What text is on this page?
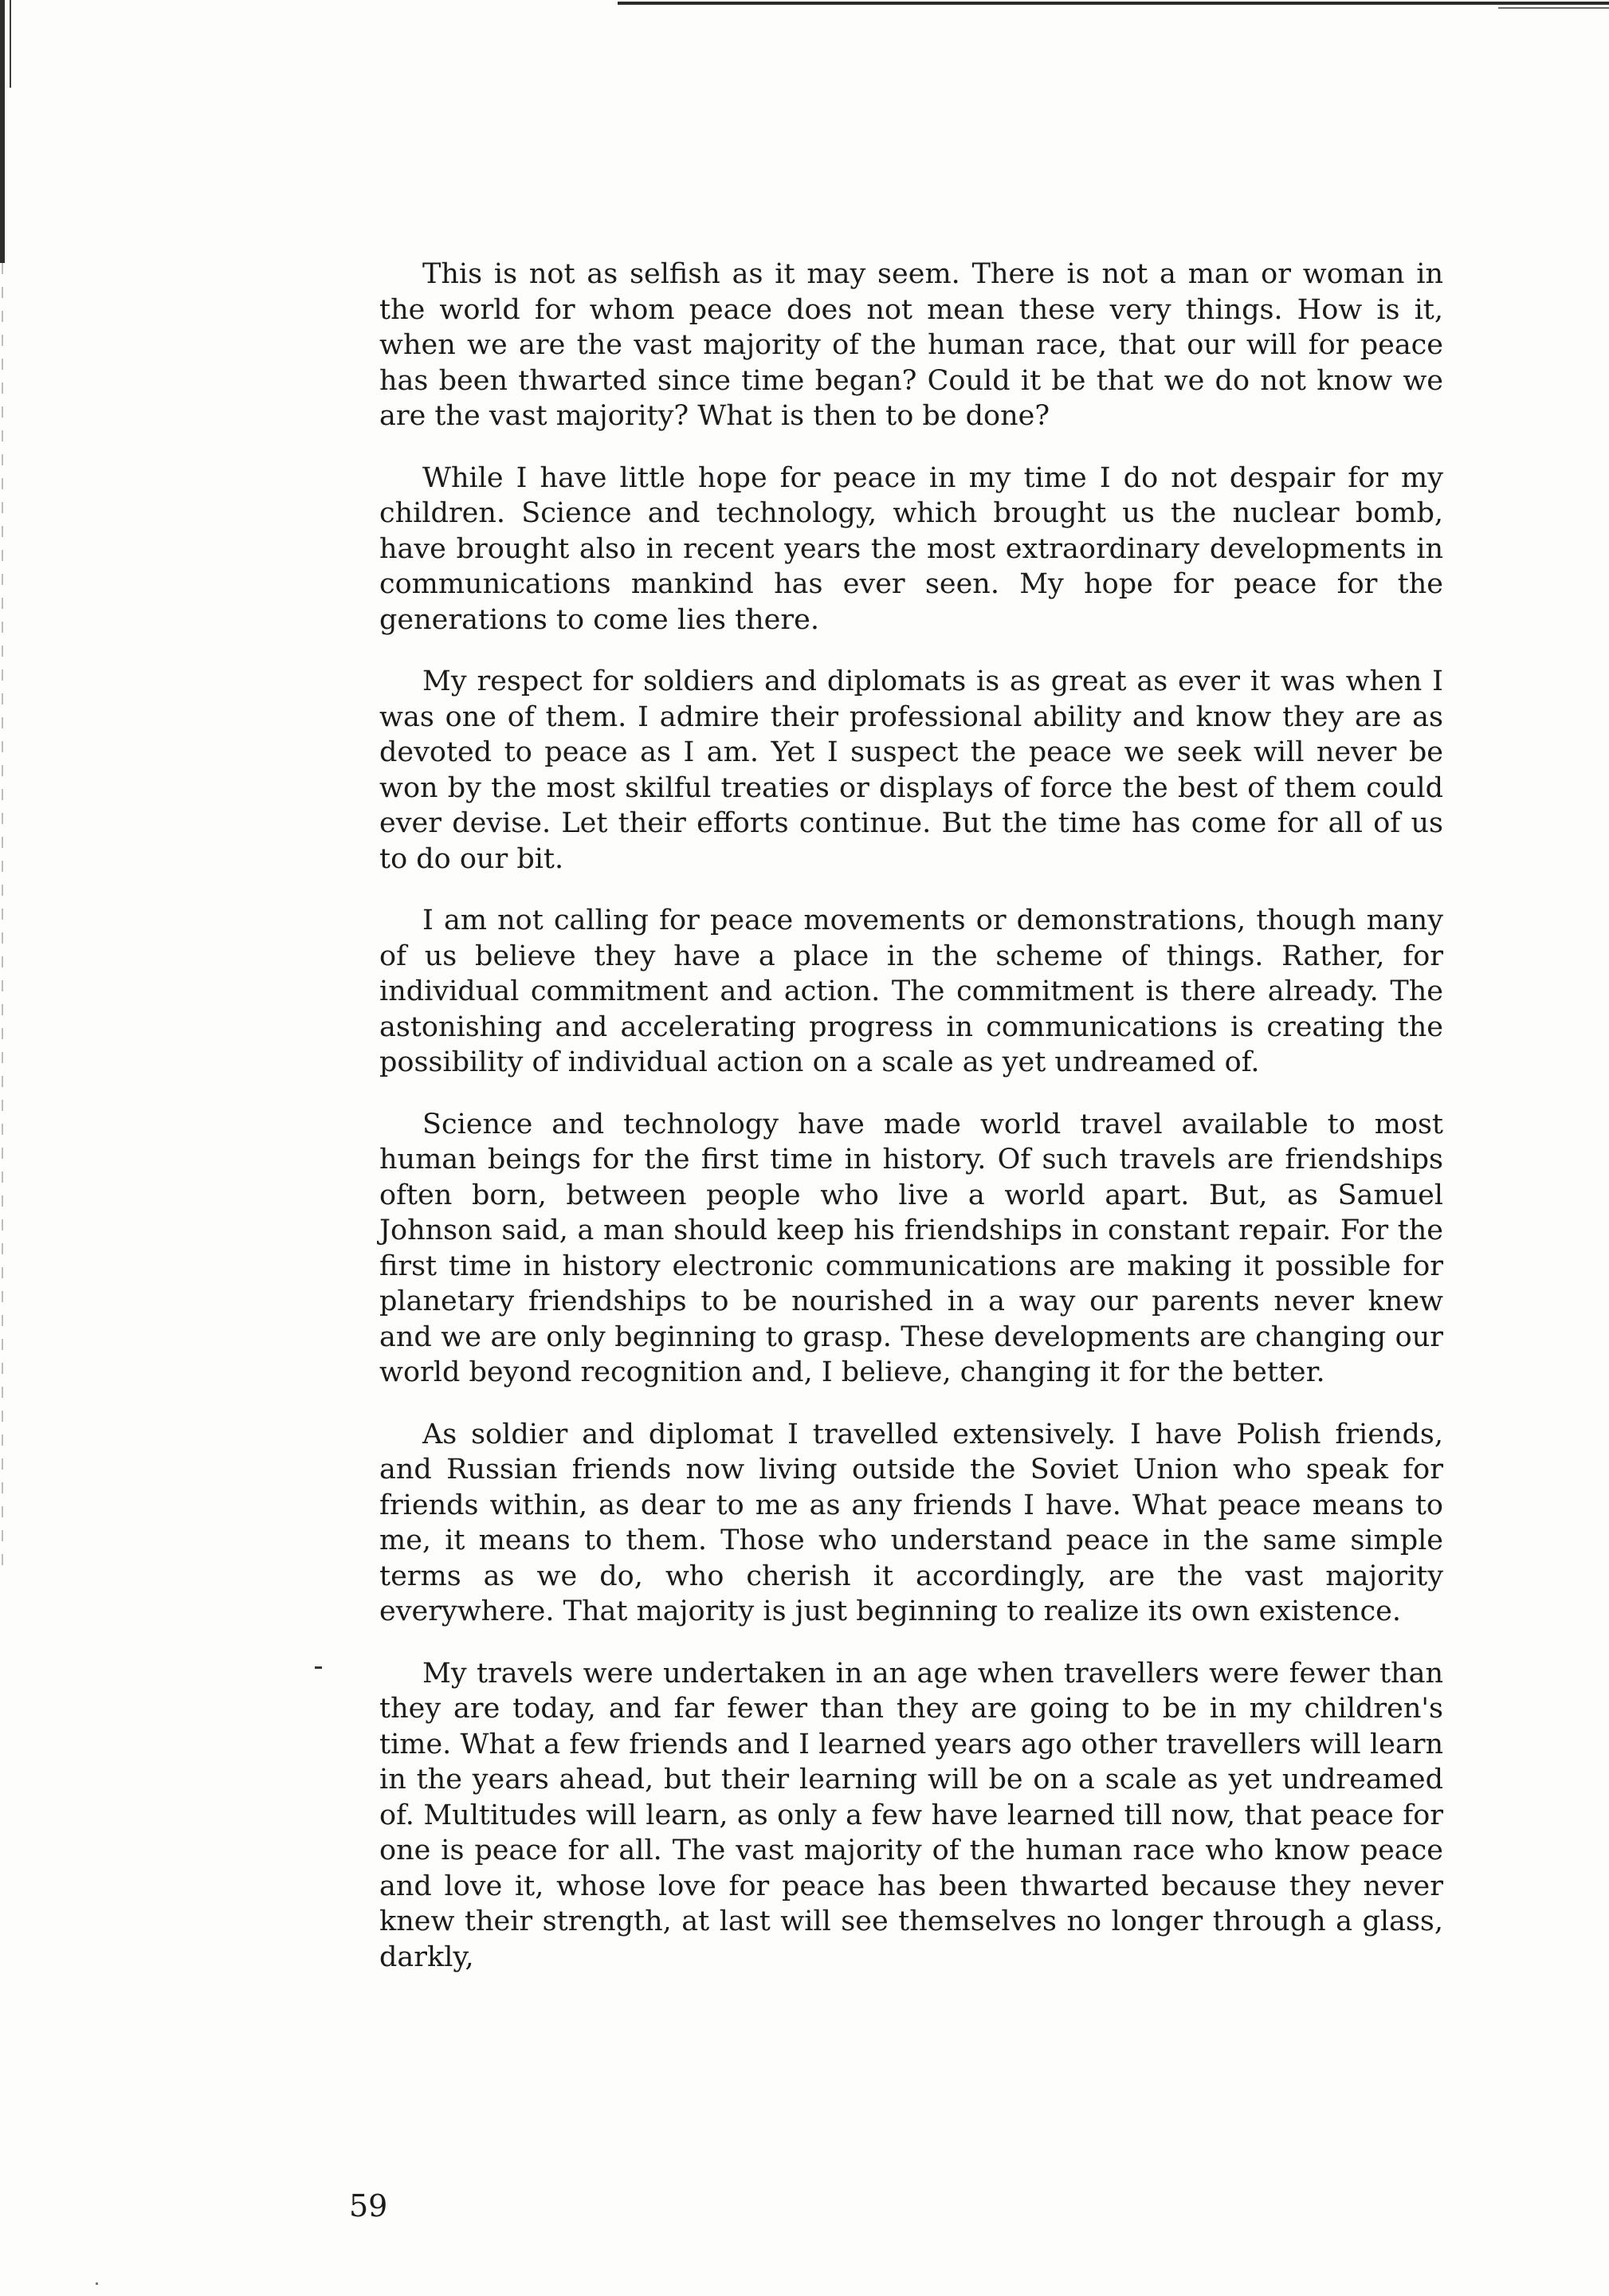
This is not as selfish as it may seem. There is not a man or woman in the world for whom peace does not mean these very things. How is it, when we are the vast majority of the human race, that our will for peace has been thwarted since time began? Could it be that we do not know we are the vast majority? What is then to be done?

While I have little hope for peace in my time I do not despair for my children. Science and technology, which brought us the nuclear bomb, have brought also in recent years the most extraordinary developments in communications mankind has ever seen. My hope for peace for the generations to come lies there.

My respect for soldiers and diplomats is as great as ever it was when I was one of them. I admire their professional ability and know they are as devoted to peace as I am. Yet I suspect the peace we seek will never be won by the most skilful treaties or displays of force the best of them could ever devise. Let their efforts continue. But the time has come for all of us to do our bit.

I am not calling for peace movements or demonstrations, though many of us believe they have a place in the scheme of things. Rather, for individual commitment and action. The commitment is there already. The astonishing and accelerating progress in communications is creating the possibility of individual action on a scale as yet undreamed of.

Science and technology have made world travel available to most human beings for the first time in history. Of such travels are friendships often born, between people who live a world apart. But, as Samuel Johnson said, a man should keep his friendships in constant repair. For the first time in history electronic communications are making it possible for planetary friendships to be nourished in a way our parents never knew and we are only beginning to grasp. These developments are changing our world beyond recognition and, I believe, changing it for the better.

As soldier and diplomat I travelled extensively. I have Polish friends, and Russian friends now living outside the Soviet Union who speak for friends within, as dear to me as any friends I have. What peace means to me, it means to them. Those who understand peace in the same simple terms as we do, who cherish it accordingly, are the vast majority everywhere. That majority is just beginning to realize its own existence.

My travels were undertaken in an age when travellers were fewer than they are today, and far fewer than they are going to be in my children's time. What a few friends and I learned years ago other travellers will learn in the years ahead, but their learning will be on a scale as yet undreamed of. Multitudes will learn, as only a few have learned till now, that peace for one is peace for all. The vast majority of the human race who know peace and love it, whose love for peace has been thwarted because they never knew their strength, at last will see themselves no longer through a glass, darkly,

59
